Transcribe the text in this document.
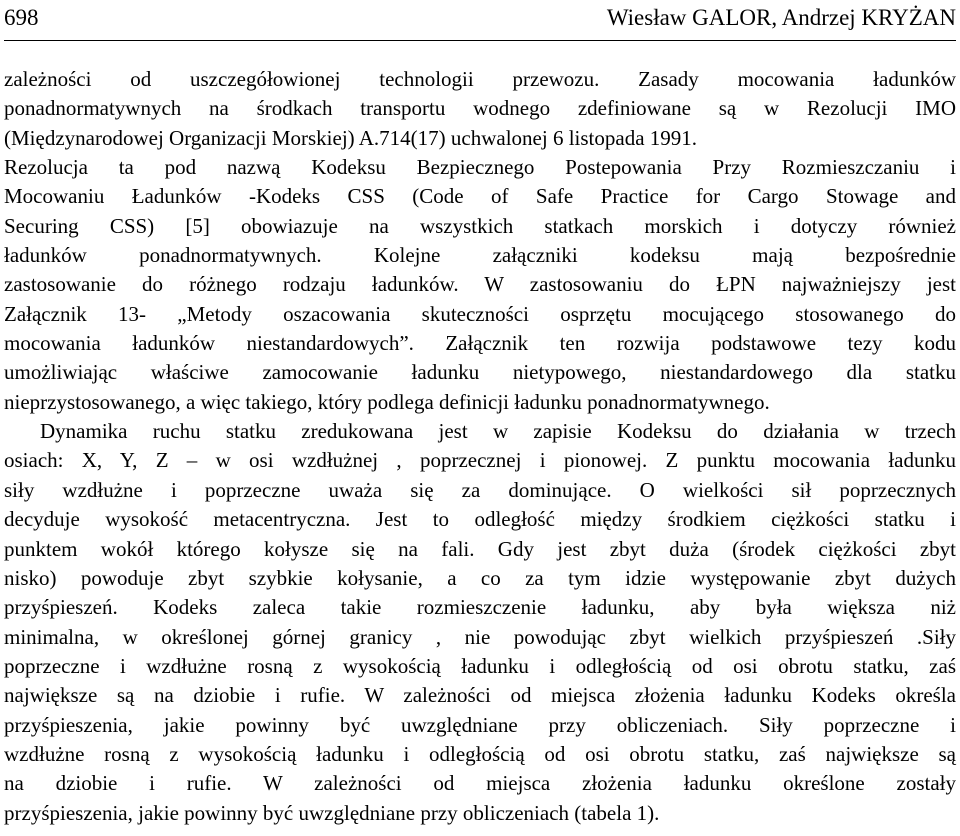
698	Wiesław GALOR, Andrzej KRYŻAN
zależności od uszczegółowionej technologii przewozu. Zasady mocowania ładunków
ponadnormatywnych na środkach transportu wodnego zdefiniowane są w Rezolucji IMO
(Międzynarodowej Organizacji Morskiej) A.714(17) uchwalonej 6 listopada 1991.
Rezolucja ta pod nazwą Kodeksu Bezpiecznego Postepowania Przy Rozmieszczaniu i
Mocowaniu Ładunków -Kodeks CSS (Code of Safe Practice for Cargo Stowage and
Securing CSS) [5] obowiazuje na wszystkich statkach morskich i dotyczy również
ładunków ponadnormatywnych. Kolejne załączniki kodeksu mają bezpośrednie
zastosowanie do różnego rodzaju ładunków. W zastosowaniu do ŁPN najważniejszy jest
Załącznik 13- „Metody oszacowania skuteczności osprzętu mocującego stosowanego do
mocowania ładunków niestandardowych”. Załącznik ten rozwija podstawowe tezy kodu
umożliwiając właściwe zamocowanie ładunku nietypowego, niestandardowego dla statku
nieprzystosowanego, a więc takiego, który podlega definicji ładunku ponadnormatywnego.
Dynamika ruchu statku zredukowana jest w zapisie Kodeksu do działania w trzech
osiach: X, Y, Z – w osi wzdłużnej , poprzecznej i pionowej. Z punktu mocowania ładunku
siły wzdłużne i poprzeczne uważa się za dominujące. O wielkości sił poprzecznych
decyduje wysokość metacentryczna. Jest to odległość między środkiem ciężkości statku i
punktem wokół którego kołysze się na fali. Gdy jest zbyt duża (środek ciężkości zbyt
nisko) powoduje zbyt szybkie kołysanie, a co za tym idzie występowanie zbyt dużych
przyśpieszeń. Kodeks zaleca takie rozmieszczenie ładunku, aby była większa niż
minimalna, w określonej górnej granicy , nie powodując zbyt wielkich przyśpieszeń .Siły
poprzeczne i wzdłużne rosną z wysokością ładunku i odległością od osi obrotu statku, zaś
największe są na dziobie i rufie. W zależności od miejsca złożenia ładunku Kodeks określa
przyśpieszenia, jakie powinny być uwzględniane przy obliczeniach. Siły poprzeczne i
wzdłużne rosną z wysokością ładunku i odległością od osi obrotu statku, zaś największe są
na dziobie i rufie. W zależności od miejsca złożenia ładunku określone zostały
przyśpieszenia, jakie powinny być uwzględniane przy obliczeniach (tabela 1).
